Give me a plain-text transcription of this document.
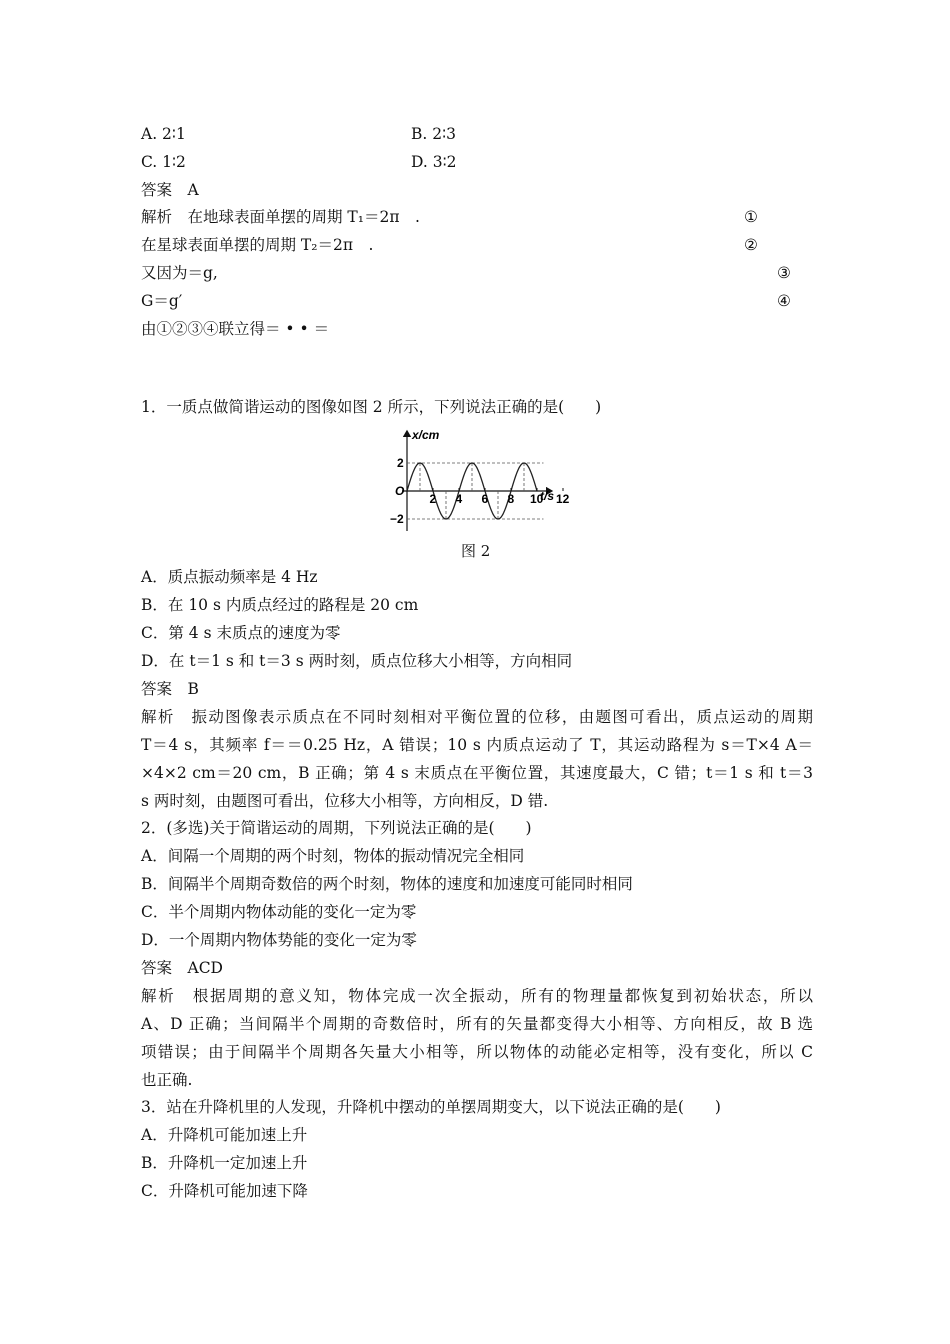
A. 2∶1	B. 2∶3
C. 1∶2	D. 3∶2
答案　A
解析　在地球表面单摆的周期 T₁＝2π　.	①
在星球表面单摆的周期 T₂＝2π　.	②
又因为＝g,	③
G＝g′	④
由①②③④联立得＝ • • ＝
1．一质点做简谐运动的图像如图 2 所示，下列说法正确的是(　　)
2 4 6 8 10 12
2
−2
x/cm
t/s
O
图 2
A．质点振动频率是 4 Hz
B．在 10 s 内质点经过的路程是 20 cm
C．第 4 s 末质点的速度为零
D．在 t＝1 s 和 t＝3 s 两时刻，质点位移大小相等，方向相同
答案　B
解析　振动图像表示质点在不同时刻相对平衡位置的位移，由题图可看出，质点运动的周期
T＝4 s，其频率 f＝＝0.25 Hz，A 错误；10 s 内质点运动了 T，其运动路程为 s＝T×4 A＝
×4×2 cm＝20 cm，B 正确；第 4 s 末质点在平衡位置，其速度最大，C 错；t＝1 s 和 t＝3
s 两时刻，由题图可看出，位移大小相等，方向相反，D 错.
2．(多选)关于简谐运动的周期，下列说法正确的是(　　)
A．间隔一个周期的两个时刻，物体的振动情况完全相同
B．间隔半个周期奇数倍的两个时刻，物体的速度和加速度可能同时相同
C．半个周期内物体动能的变化一定为零
D．一个周期内物体势能的变化一定为零
答案　ACD
解析　根据周期的意义知，物体完成一次全振动，所有的物理量都恢复到初始状态，所以
A、D 正确；当间隔半个周期的奇数倍时，所有的矢量都变得大小相等、方向相反，故 B 选
项错误；由于间隔半个周期各矢量大小相等，所以物体的动能必定相等，没有变化，所以 C
也正确.
3．站在升降机里的人发现，升降机中摆动的单摆周期变大，以下说法正确的是(　　)
A．升降机可能加速上升
B．升降机一定加速上升
C．升降机可能加速下降
